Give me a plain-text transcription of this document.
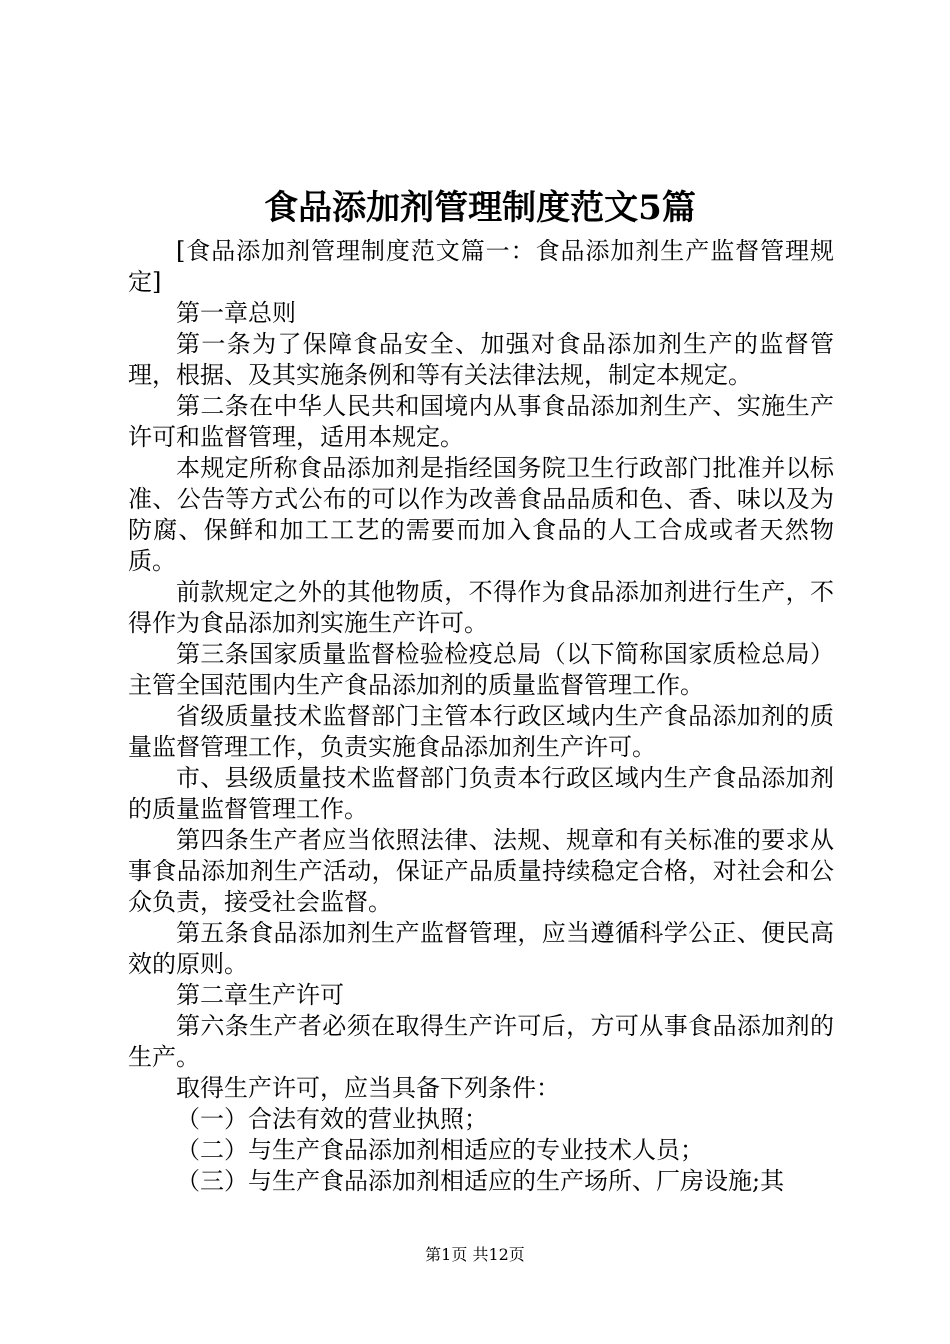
食品添加剂管理制度范文5篇

[食品添加剂管理制度范文篇一：食品添加剂生产监督管理规定]

第一章总则

第一条为了保障食品安全、加强对食品添加剂生产的监督管理，根据、及其实施条例和等有关法律法规，制定本规定。

第二条在中华人民共和国境内从事食品添加剂生产、实施生产许可和监督管理，适用本规定。

本规定所称食品添加剂是指经国务院卫生行政部门批准并以标准、公告等方式公布的可以作为改善食品品质和色、香、味以及为防腐、保鲜和加工工艺的需要而加入食品的人工合成或者天然物质。

前款规定之外的其他物质，不得作为食品添加剂进行生产，不得作为食品添加剂实施生产许可。

第三条国家质量监督检验检疫总局（以下简称国家质检总局）主管全国范围内生产食品添加剂的质量监督管理工作。

省级质量技术监督部门主管本行政区域内生产食品添加剂的质量监督管理工作，负责实施食品添加剂生产许可。

市、县级质量技术监督部门负责本行政区域内生产食品添加剂的质量监督管理工作。

第四条生产者应当依照法律、法规、规章和有关标准的要求从事食品添加剂生产活动，保证产品质量持续稳定合格，对社会和公众负责，接受社会监督。

第五条食品添加剂生产监督管理，应当遵循科学公正、便民高效的原则。

第二章生产许可

第六条生产者必须在取得生产许可后，方可从事食品添加剂的生产。

取得生产许可，应当具备下列条件：

（一）合法有效的营业执照；

（二）与生产食品添加剂相适应的专业技术人员；

（三）与生产食品添加剂相适应的生产场所、厂房设施;其

第1页 共12页
